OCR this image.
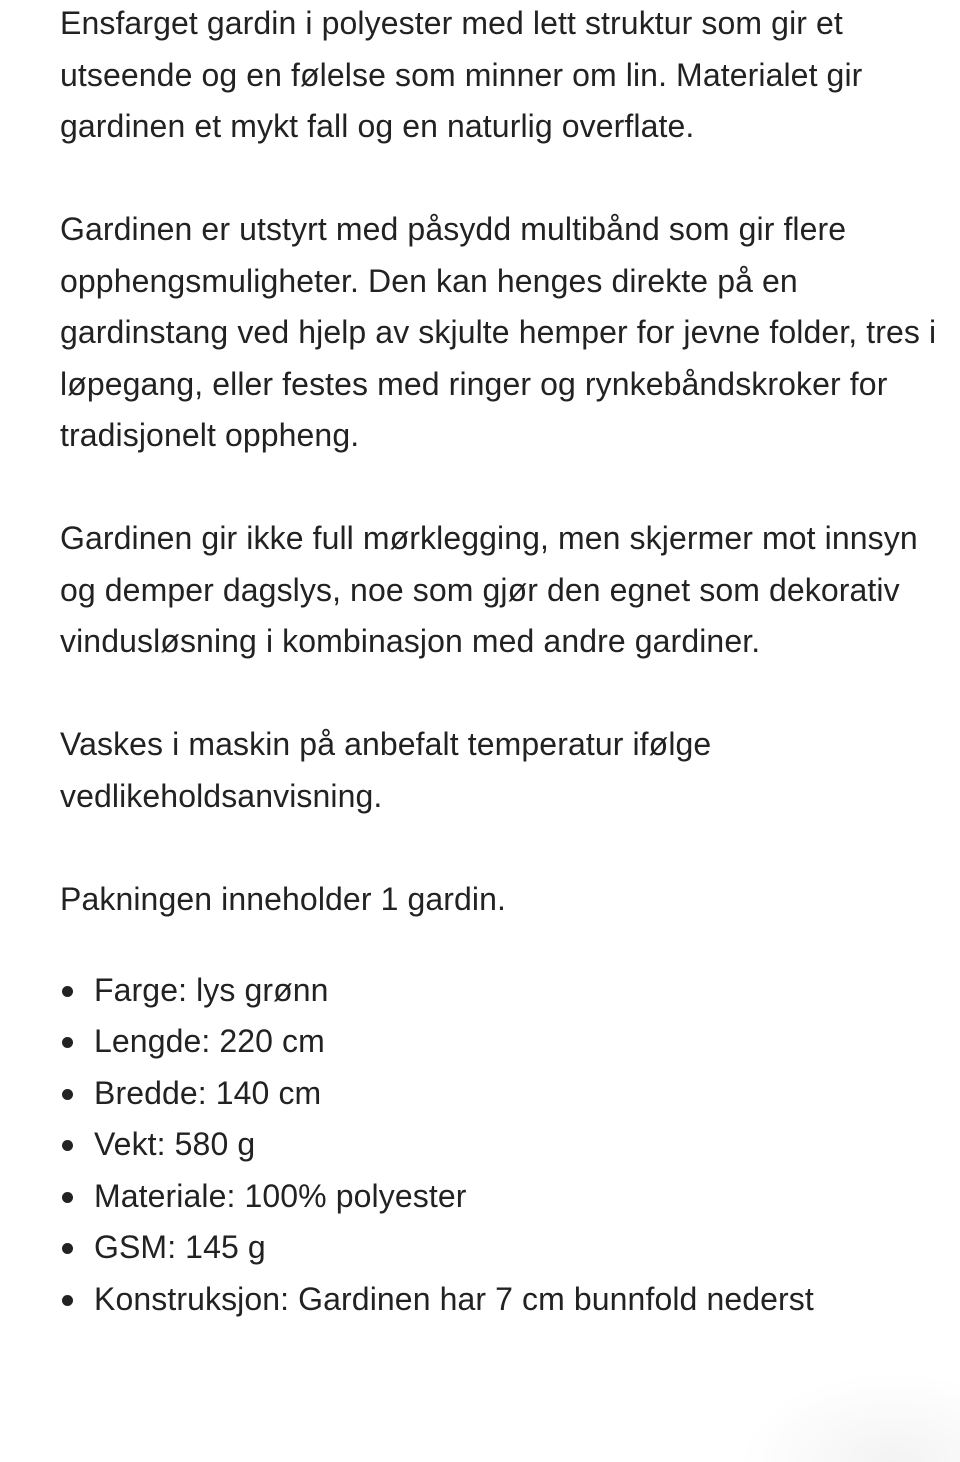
Ensfarget gardin i polyester med lett struktur som gir et utseende og en følelse som minner om lin. Materialet gir gardinen et mykt fall og en naturlig overflate.

Gardinen er utstyrt med påsydd multibånd som gir flere opphengsmuligheter. Den kan henges direkte på en gardinstang ved hjelp av skjulte hemper for jevne folder, tres i løpegang, eller festes med ringer og rynkebåndskroker for tradisjonelt oppheng.

Gardinen gir ikke full mørklegging, men skjermer mot innsyn og demper dagslys, noe som gjør den egnet som dekorativ vindusløsning i kombinasjon med andre gardiner.

Vaskes i maskin på anbefalt temperatur ifølge vedlikeholdsanvisning.

Pakningen inneholder 1 gardin.

Farge: lys grønn
Lengde: 220 cm
Bredde: 140 cm
Vekt: 580 g
Materiale: 100% polyester
GSM: 145 g
Konstruksjon: Gardinen har 7 cm bunnfold nederst
